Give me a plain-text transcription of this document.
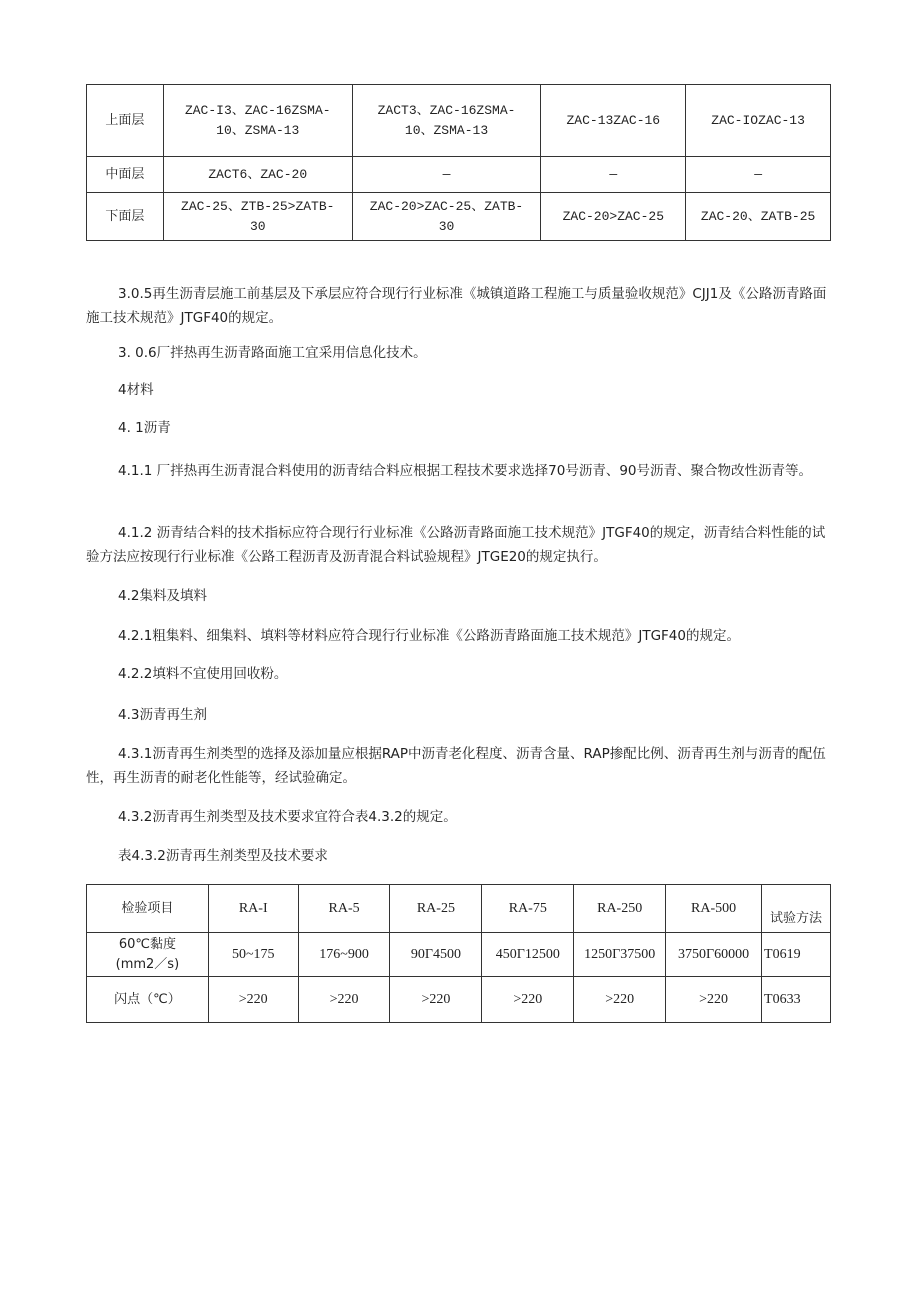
上面层	ZAC-I3、ZAC-16ZSMA-10、ZSMA-13	ZACT3、ZAC-16ZSMA-10、ZSMA-13	ZAC-13ZAC-16	ZAC-IOZAC-13
中面层	ZACT6、ZAC-20	—	—	—
下面层	ZAC-25、ZTB-25>ZATB-30	ZAC-20>ZAC-25、ZATB-30	ZAC-20>ZAC-25	ZAC-20、ZATB-25

3.0.5再生沥青层施工前基层及下承层应符合现行行业标准《城镇道路工程施工与质量验收规范》CJJ1及《公路沥青路面施工技术规范》JTGF40的规定。

3. 0.6厂拌热再生沥青路面施工宜采用信息化技术。

4材料

4. 1沥青

4.1.1 厂拌热再生沥青混合料使用的沥青结合料应根据工程技术要求选择70号沥青、90号沥青、聚合物改性沥青等。

4.1.2 沥青结合料的技术指标应符合现行行业标准《公路沥青路面施工技术规范》JTGF40的规定，沥青结合料性能的试验方法应按现行行业标准《公路工程沥青及沥青混合料试验规程》JTGE20的规定执行。

4.2集料及填料

4.2.1粗集料、细集料、填料等材料应符合现行行业标准《公路沥青路面施工技术规范》JTGF40的规定。

4.2.2填料不宜使用回收粉。

4.3沥青再生剂

4.3.1沥青再生剂类型的选择及添加量应根据RAP中沥青老化程度、沥青含量、RAP掺配比例、沥青再生剂与沥青的配伍性，再生沥青的耐老化性能等，经试验确定。

4.3.2沥青再生剂类型及技术要求宜符合表4.3.2的规定。

表4.3.2沥青再生剂类型及技术要求

检验项目	RA-I	RA-5	RA-25	RA-75	RA-250	RA-500	试验方法
60℃黏度(mm2／s)	50~175	176~900	90Г4500	450Г12500	1250Г37500	3750Г60000	T0619
闪点（℃）	>220	>220	>220	>220	>220	>220	T0633
